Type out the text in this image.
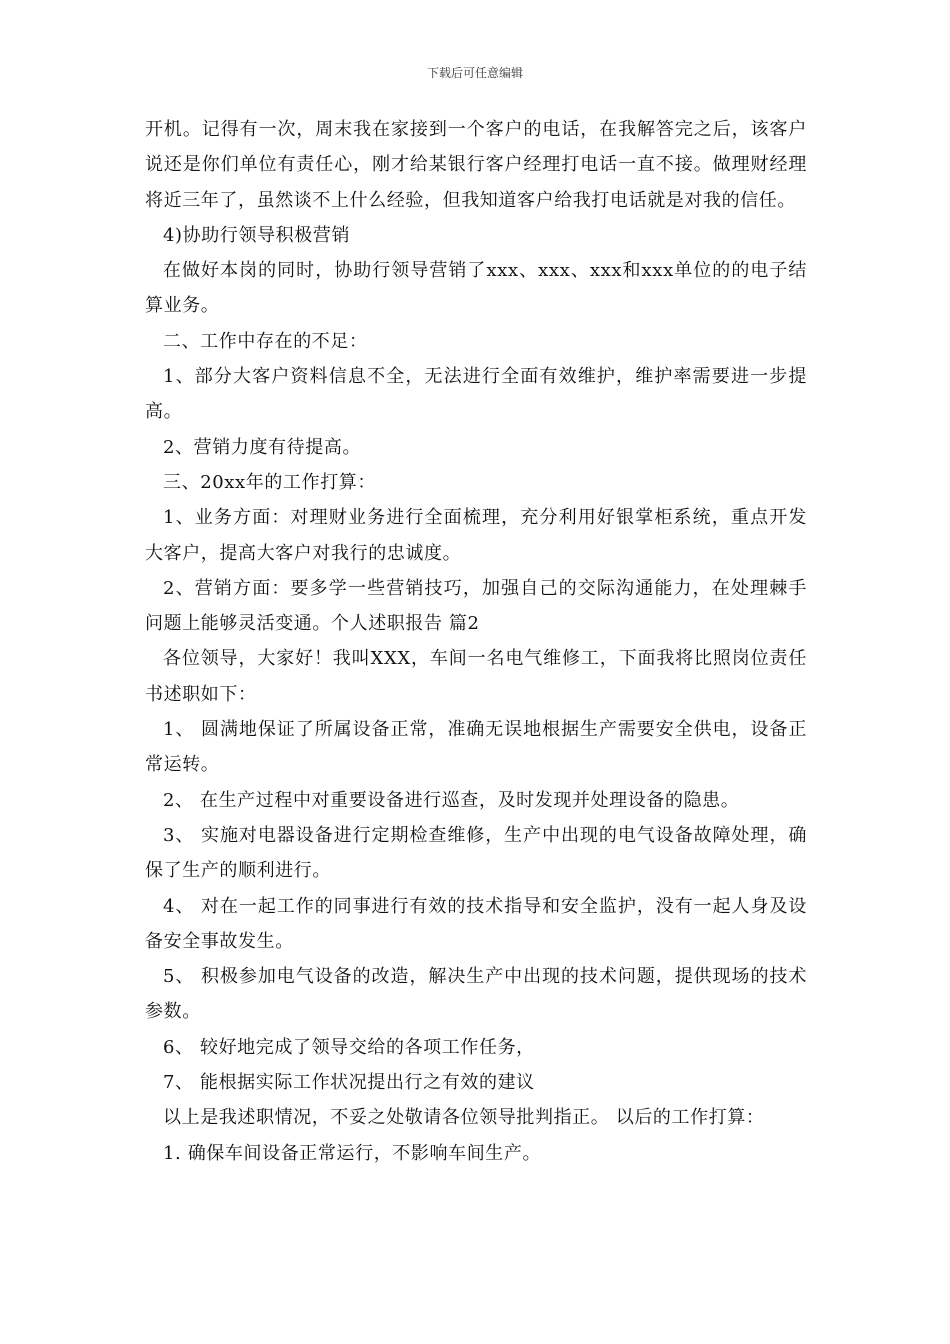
下载后可任意编辑

开机。记得有一次，周末我在家接到一个客户的电话，在我解答完之后，该客户说还是你们单位有责任心，刚才给某银行客户经理打电话一直不接。做理财经理将近三年了，虽然谈不上什么经验，但我知道客户给我打电话就是对我的信任。

4)协助行领导积极营销

在做好本岗的同时，协助行领导营销了xxx、xxx、xxx和xxx单位的的电子结算业务。

二、工作中存在的不足：

1、部分大客户资料信息不全，无法进行全面有效维护，维护率需要进一步提高。

2、营销力度有待提高。

三、20xx年的工作打算：

1、业务方面：对理财业务进行全面梳理，充分利用好银掌柜系统，重点开发大客户，提高大客户对我行的忠诚度。

2、营销方面：要多学一些营销技巧，加强自己的交际沟通能力，在处理棘手问题上能够灵活变通。个人述职报告 篇2

各位领导，大家好！我叫XXX，车间一名电气维修工，下面我将比照岗位责任书述职如下：

1、 圆满地保证了所属设备正常，准确无误地根据生产需要安全供电，设备正常运转。

2、 在生产过程中对重要设备进行巡查，及时发现并处理设备的隐患。

3、 实施对电器设备进行定期检查维修，生产中出现的电气设备故障处理，确保了生产的顺利进行。

4、 对在一起工作的同事进行有效的技术指导和安全监护，没有一起人身及设备安全事故发生。

5、 积极参加电气设备的改造，解决生产中出现的技术问题，提供现场的技术参数。

6、 较好地完成了领导交给的各项工作任务，

7、 能根据实际工作状况提出行之有效的建议

以上是我述职情况，不妥之处敬请各位领导批判指正。 以后的工作打算：

1. 确保车间设备正常运行，不影响车间生产。
